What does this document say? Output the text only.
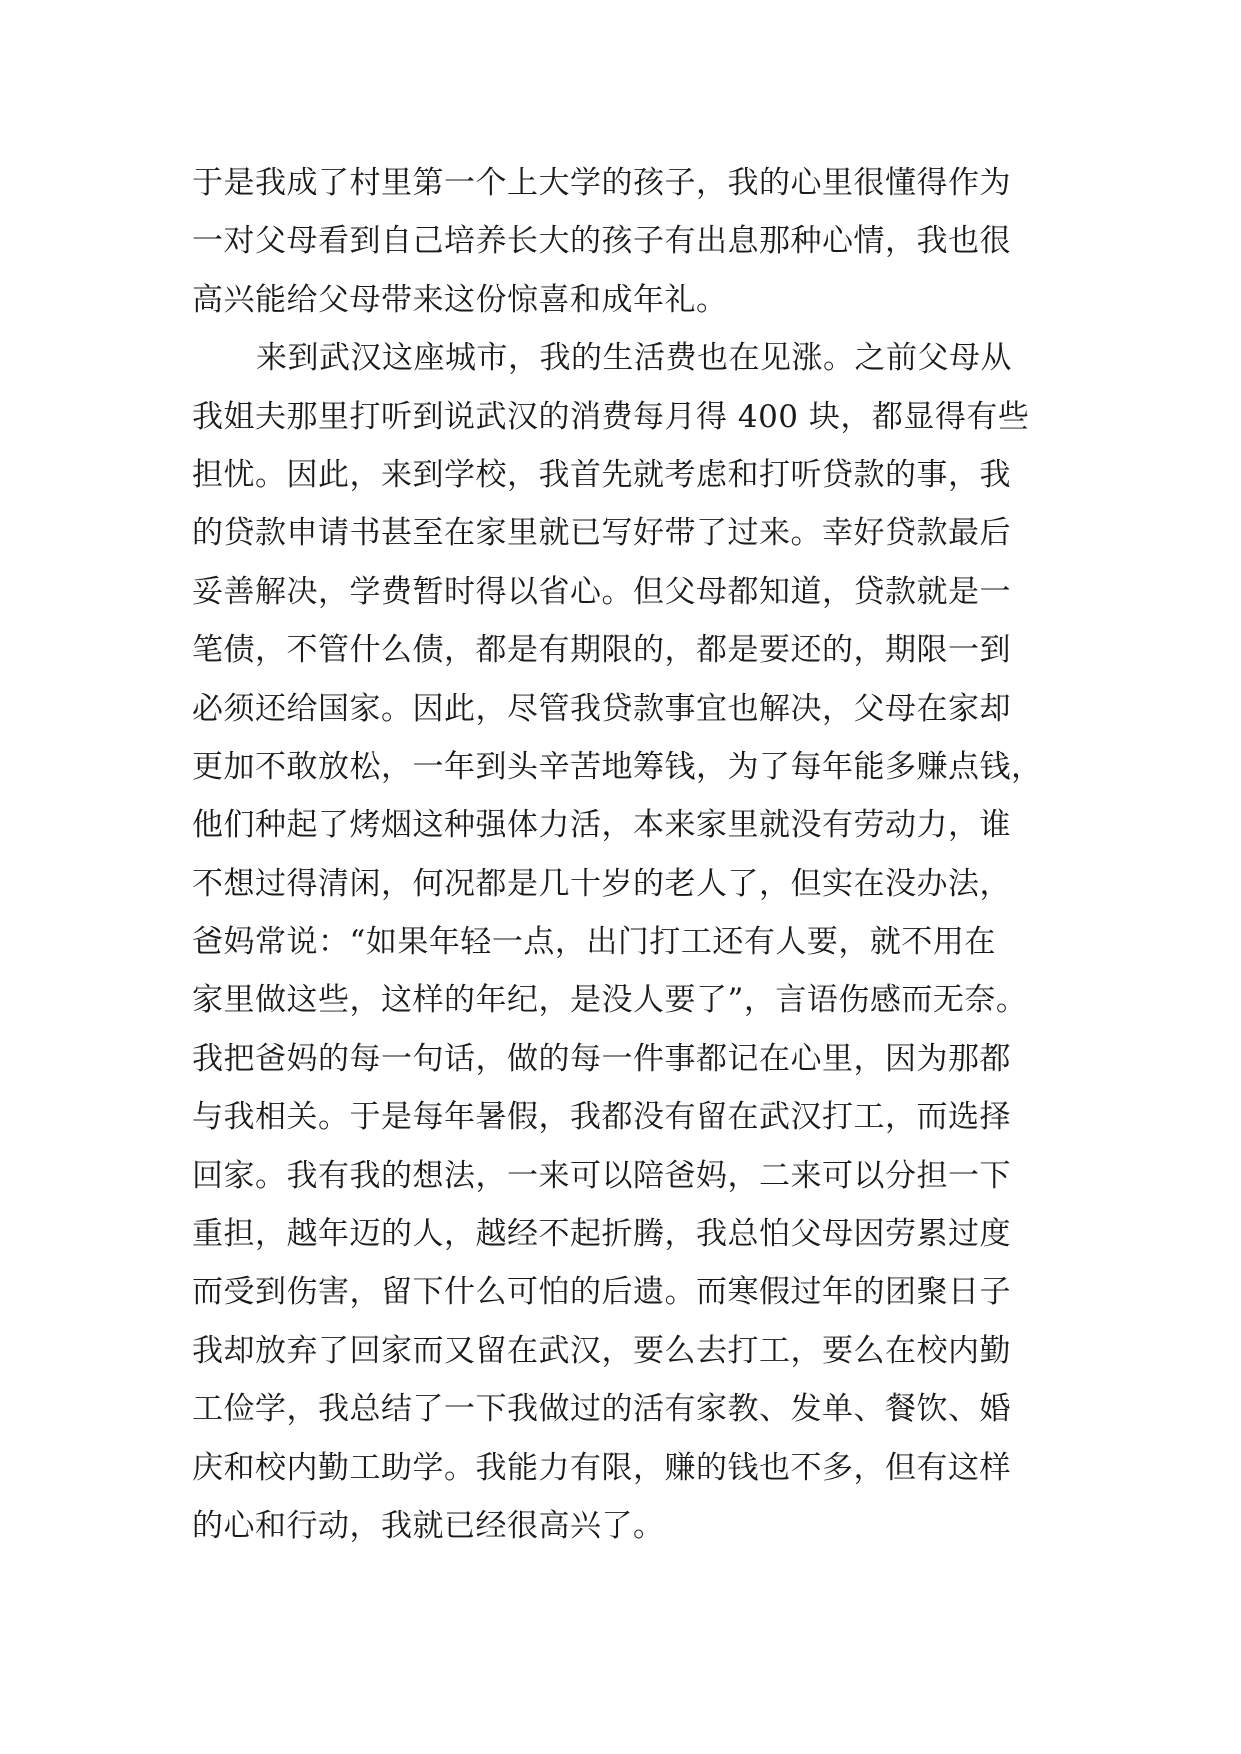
于是我成了村里第一个上大学的孩子，我的心里很懂得作为
一对父母看到自己培养长大的孩子有出息那种心情，我也很
高兴能给父母带来这份惊喜和成年礼。
来到武汉这座城市，我的生活费也在见涨。之前父母从
我姐夫那里打听到说武汉的消费每月得 400 块，都显得有些
担忧。因此，来到学校，我首先就考虑和打听贷款的事，我
的贷款申请书甚至在家里就已写好带了过来。幸好贷款最后
妥善解决，学费暂时得以省心。但父母都知道，贷款就是一
笔债，不管什么债，都是有期限的，都是要还的，期限一到
必须还给国家。因此，尽管我贷款事宜也解决，父母在家却
更加不敢放松，一年到头辛苦地筹钱，为了每年能多赚点钱，
他们种起了烤烟这种强体力活，本来家里就没有劳动力，谁
不想过得清闲，何况都是几十岁的老人了，但实在没办法，
爸妈常说：“如果年轻一点，出门打工还有人要，就不用在
家里做这些，这样的年纪，是没人要了”，言语伤感而无奈。
我把爸妈的每一句话，做的每一件事都记在心里，因为那都
与我相关。于是每年暑假，我都没有留在武汉打工，而选择
回家。我有我的想法，一来可以陪爸妈，二来可以分担一下
重担，越年迈的人，越经不起折腾，我总怕父母因劳累过度
而受到伤害，留下什么可怕的后遗。而寒假过年的团聚日子
我却放弃了回家而又留在武汉，要么去打工，要么在校内勤
工俭学，我总结了一下我做过的活有家教、发单、餐饮、婚
庆和校内勤工助学。我能力有限，赚的钱也不多，但有这样
的心和行动，我就已经很高兴了。
